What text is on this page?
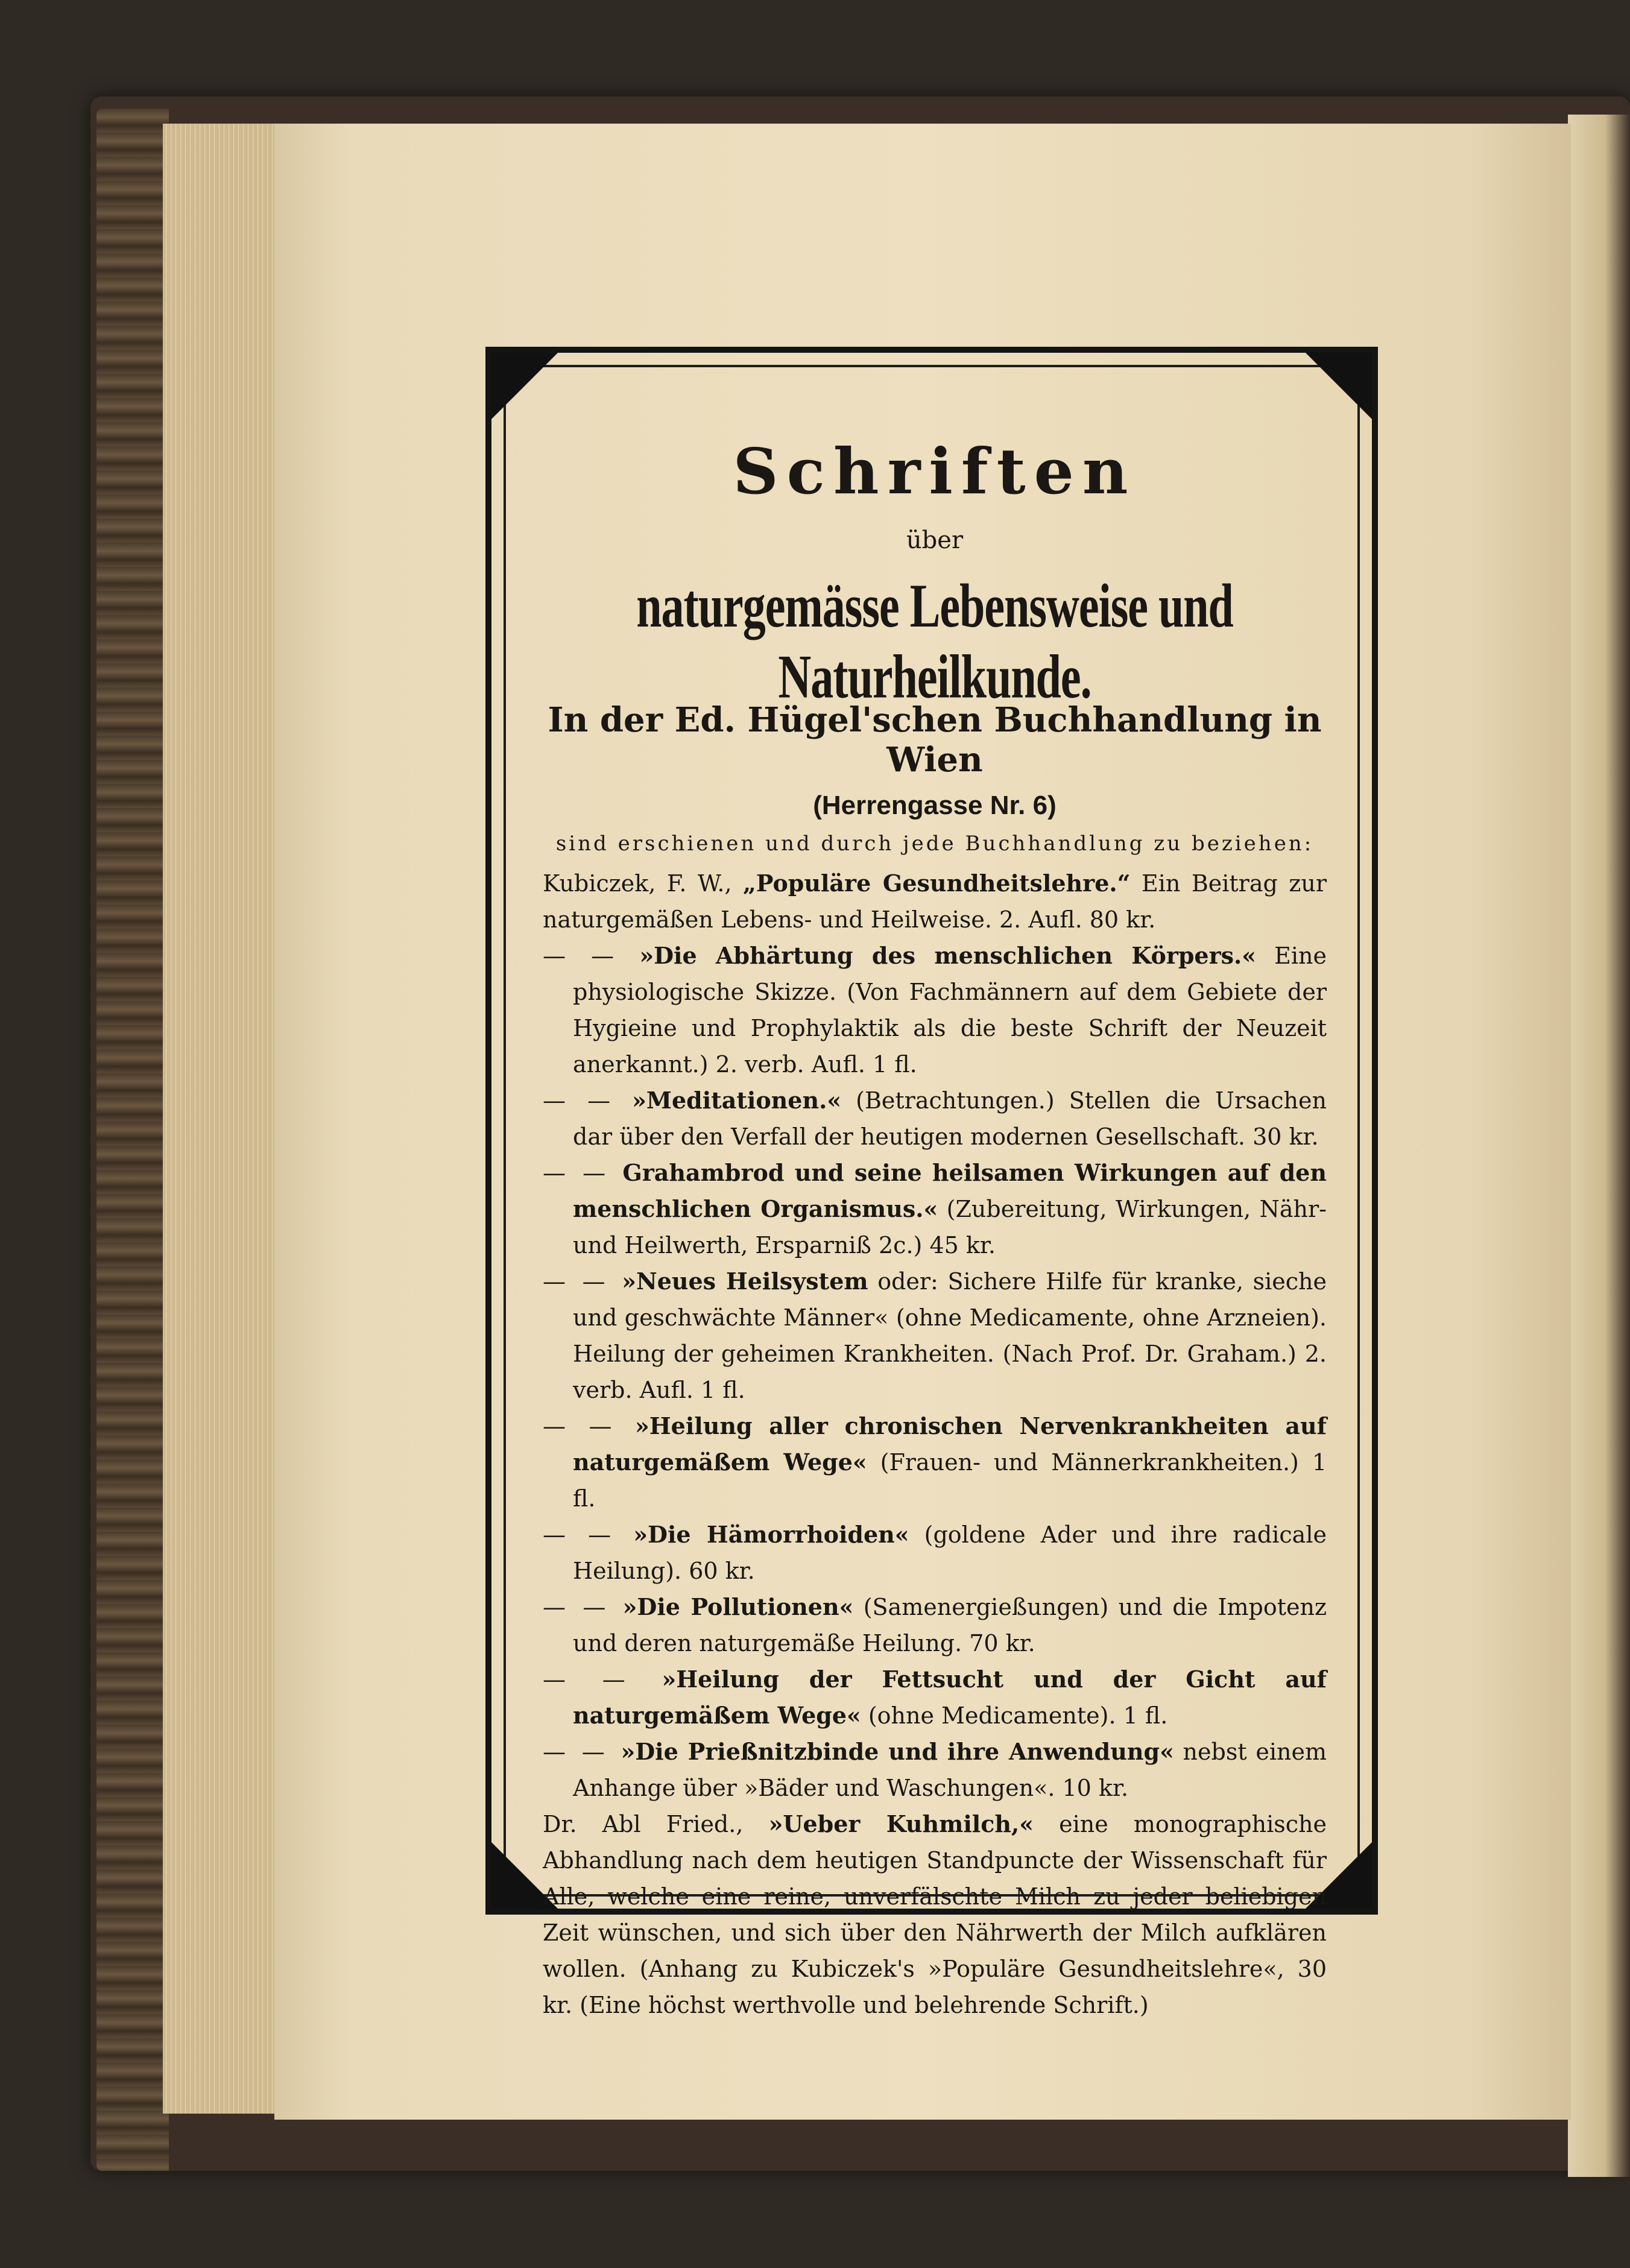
Schriften
über
naturgemässe Lebensweise und Naturheilkunde.
In der Ed. Hügel'schen Buchhandlung in Wien
(Herrengasse Nr. 6)
sind erschienen und durch jede Buchhandlung zu beziehen:

Kubiczek, F. W., „Populäre Gesundheitslehre.“ Ein Beitrag zur naturgemäßen Lebens- und Heilweise. 2. Aufl. 80 kr.

— — »Die Abhärtung des menschlichen Körpers.« Eine physiologische Skizze. (Von Fachmännern auf dem Gebiete der Hygieine und Prophylaktik als die beste Schrift der Neuzeit anerkannt.) 2. verb. Aufl. 1 fl.

— — »Meditationen.« (Betrachtungen.) Stellen die Ursachen dar über den Verfall der heutigen modernen Gesellschaft. 30 kr.

— — Grahambrod und seine heilsamen Wirkungen auf den menschlichen Organismus.« (Zubereitung, Wirkungen, Nähr- und Heilwerth, Ersparniß 2c.) 45 kr.

— — »Neues Heilsystem oder: Sichere Hilfe für kranke, sieche und geschwächte Männer« (ohne Medicamente, ohne Arzneien). Heilung der geheimen Krankheiten. (Nach Prof. Dr. Graham.) 2. verb. Aufl. 1 fl.

— — »Heilung aller chronischen Nervenkrankheiten auf naturgemäßem Wege« (Frauen- und Männerkrankheiten.) 1 fl.

— — »Die Hämorrhoiden« (goldene Ader und ihre radicale Heilung). 60 kr.

— — »Die Pollutionen« (Samenergießungen) und die Impotenz und deren naturgemäße Heilung. 70 kr.

— — »Heilung der Fettsucht und der Gicht auf naturgemäßem Wege« (ohne Medicamente). 1 fl.

— — »Die Prießnitzbinde und ihre Anwendung« nebst einem Anhange über »Bäder und Waschungen«. 10 kr.

Dr. Abl Fried., »Ueber Kuhmilch,« eine monographische Abhandlung nach dem heutigen Standpuncte der Wissenschaft für Alle, welche eine reine, unverfälschte Milch zu jeder beliebigen Zeit wünschen, und sich über den Nährwerth der Milch aufklären wollen. (Anhang zu Kubiczek's »Populäre Gesundheitslehre«, 30 kr. (Eine höchst werthvolle und belehrende Schrift.)
